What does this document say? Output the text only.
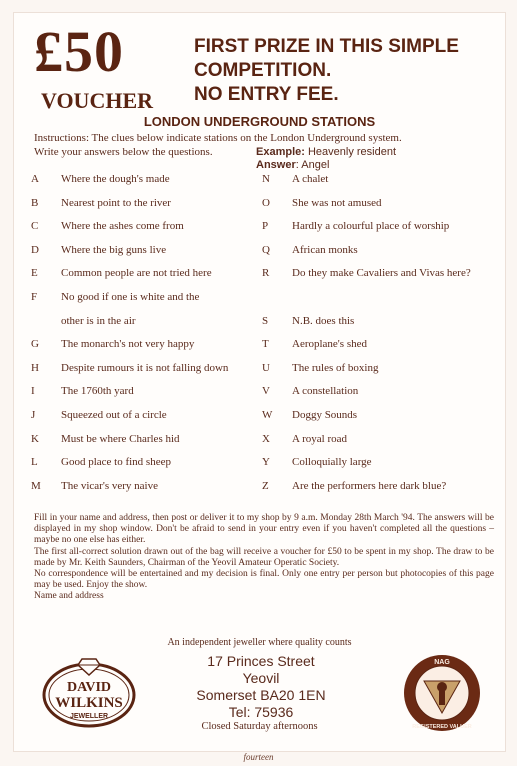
£50
VOUCHER
FIRST PRIZE IN THIS SIMPLE
COMPETITION.
NO ENTRY FEE.
LONDON UNDERGROUND STATIONS
Instructions: The clues below indicate stations on the London Underground system.
Write your answers below the questions.	Example: Heavenly resident
Answer: Angel
A Where the dough's made
B Nearest point to the river
C Where the ashes come from
D Where the big guns live
E Common people are not tried here
F No good if one is white and the
other is in the air
G The monarch's not very happy
H Despite rumours it is not falling down
I The 1760th yard
J Squeezed out of a circle
K Must be where Charles hid
L Good place to find sheep
M The vicar's very naive
N A chalet
O She was not amused
P Hardly a colourful place of worship
Q African monks
R Do they make Cavaliers and Vivas here?
S N.B. does this
T Aeroplane's shed
U The rules of boxing
V A constellation
W Doggy Sounds
X A royal road
Y Colloquially large
Z Are the performers here dark blue?

Fill in your name and address, then post or deliver it to my shop by 9 a.m. Monday 28th March '94. The answers will be displayed in my shop window. Don't be afraid to send in your entry even if you haven't completed all the questions – maybe no one else has either.

The first all-correct solution drawn out of the bag will receive a voucher for £50 to be spent in my shop. The draw to be made by Mr. Keith Saunders, Chairman of the Yeovil Amateur Operatic Society.

No correspondence will be entertained and my decision is final. Only one entry per person but photocopies of this page may be used. Enjoy the show.

Name and address

An independent jeweller where quality counts
17 Princes Street
Yeovil
Somerset BA20 1EN
Tel: 75936
Closed Saturday afternoons
DAVID
WILKINS
JEWELLER
NAG
REGISTERED VALUER
fourteen
